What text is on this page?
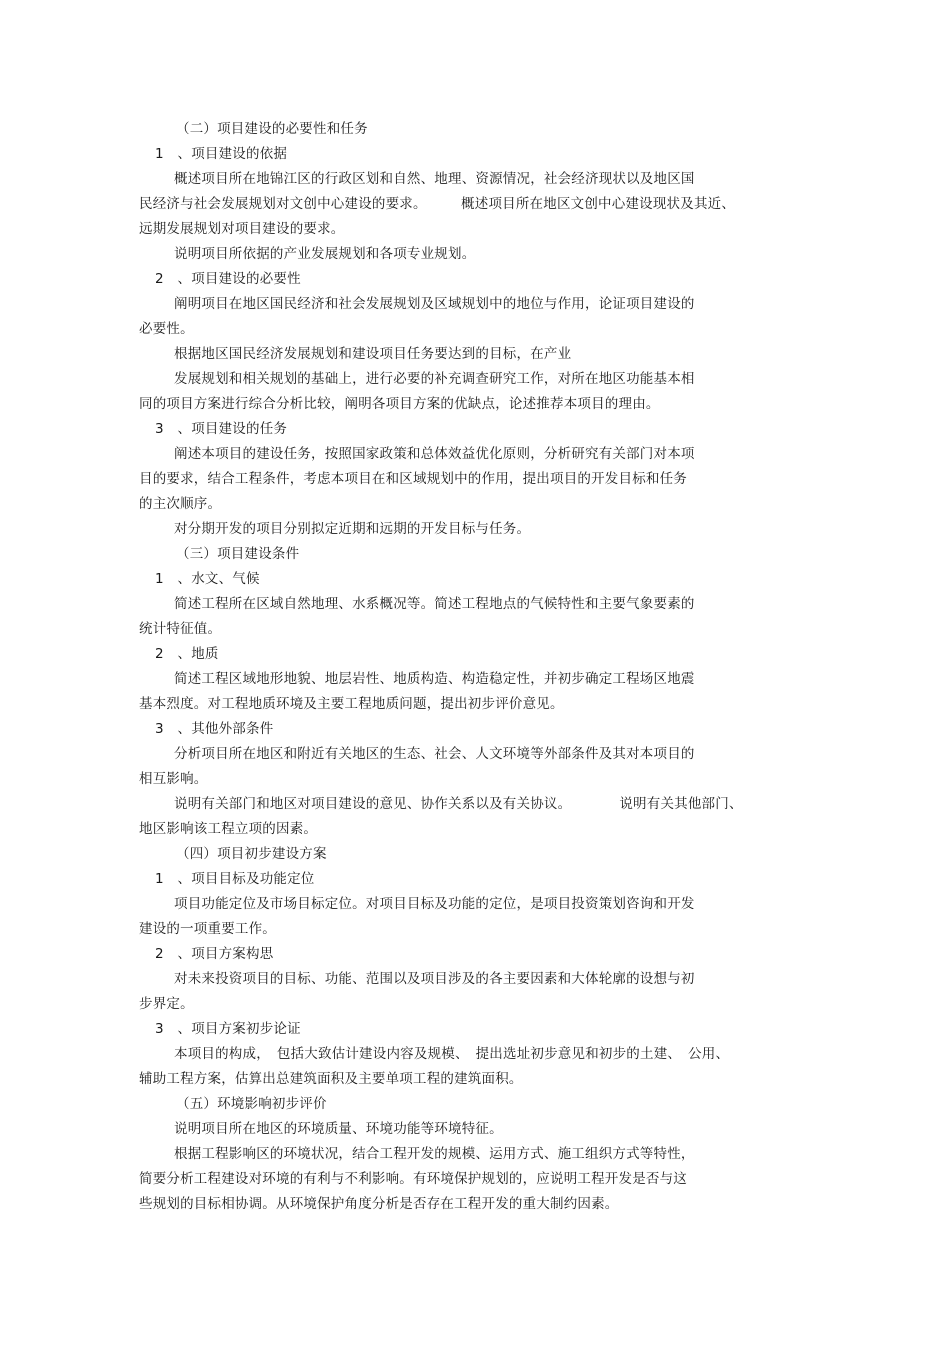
（二）项目建设的必要性和任务
1　、项目建设的依据
概述项目所在地锦江区的行政区划和自然、地理、资源情况，社会经济现状以及地区国
民经济与社会发展规划对文创中心建设的要求。　　　概述项目所在地区文创中心建设现状及其近、
远期发展规划对项目建设的要求。
说明项目所依据的产业发展规划和各项专业规划。
2　、项目建设的必要性
阐明项目在地区国民经济和社会发展规划及区域规划中的地位与作用，论证项目建设的
必要性。
根据地区国民经济发展规划和建设项目任务要达到的目标，在产业
发展规划和相关规划的基础上，进行必要的补充调查研究工作，对所在地区功能基本相
同的项目方案进行综合分析比较，阐明各项目方案的优缺点，论述推荐本项目的理由。
3　、项目建设的任务
阐述本项目的建设任务，按照国家政策和总体效益优化原则，分析研究有关部门对本项
目的要求，结合工程条件，考虑本项目在和区域规划中的作用，提出项目的开发目标和任务
的主次顺序。
对分期开发的项目分别拟定近期和远期的开发目标与任务。
（三）项目建设条件
1　、水文、气候
简述工程所在区域自然地理、水系概况等。简述工程地点的气候特性和主要气象要素的
统计特征值。
2　、地质
简述工程区域地形地貌、地层岩性、地质构造、构造稳定性，并初步确定工程场区地震
基本烈度。对工程地质环境及主要工程地质问题，提出初步评价意见。
3　、其他外部条件
分析项目所在地区和附近有关地区的生态、社会、人文环境等外部条件及其对本项目的
相互影响。
说明有关部门和地区对项目建设的意见、协作关系以及有关协议。　　　　说明有关其他部门、
地区影响该工程立项的因素。
（四）项目初步建设方案
1　、项目目标及功能定位
项目功能定位及市场目标定位。对项目目标及功能的定位，是项目投资策划咨询和开发
建设的一项重要工作。
2　、项目方案构思
对未来投资项目的目标、功能、范围以及项目涉及的各主要因素和大体轮廓的设想与初
步界定。
3　、项目方案初步论证
本项目的构成，　包括大致估计建设内容及规模、　提出选址初步意见和初步的土建、　公用、
辅助工程方案，估算出总建筑面积及主要单项工程的建筑面积。
（五）环境影响初步评价
说明项目所在地区的环境质量、环境功能等环境特征。
根据工程影响区的环境状况，结合工程开发的规模、运用方式、施工组织方式等特性，
简要分析工程建设对环境的有利与不利影响。有环境保护规划的，应说明工程开发是否与这
些规划的目标相协调。从环境保护角度分析是否存在工程开发的重大制约因素。
